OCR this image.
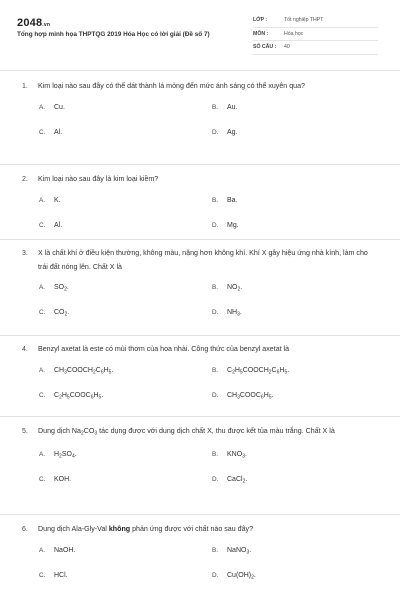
2048.vn
Tổng hợp minh họa THPTQG 2019 Hóa Học có lời giải (Đề số 7)
LỚP :	Tốt nghiệp THPT
MÔN :	Hóa học
SỐ CÂU :	40
1. Kim loại nào sau đây có thể dát thành lá mỏng đến mức ánh sáng có thể xuyên qua?
A. Cu.	B. Au.
C. Al.	D. Ag.
2. Kim loại nào sau đây là kim loại kiềm?
A. K.	B. Ba.
C. Al.	D. Mg.
3. X là chất khí ở điều kiện thường, không màu, nặng hơn không khí. Khí X gây hiệu ứng nhà kính, làm cho trái đất nóng lên. Chất X là
A. $SO_2$.	B. $NO_2$.
C. $CO_2$.	D. $NH_3$.
4. Benzyl axetat là este có mùi thơm của hoa nhài. Công thức của benzyl axetat là
A. $CH_3COOCH_2C_6H_5$.	B. $C_2H_5COOCH_2C_6H_5$.
C. $C_2H_5COOC_6H_5$.	D. $CH_3COOC_6H_5$.
5. Dung dịch $Na_2CO_3$ tác dụng được với dung dịch chất X, thu được kết tủa màu trắng. Chất X là
A. $H_2SO_4$.	B. $KNO_3$.
C. KOH.	D. CaCl$_2$.
6. Dung dịch Ala-Gly-Val không phản ứng được với chất nào sau đây?
A. NaOH.	B. NaNO$_3$.
C. HCl.	D. $Cu(OH)_2$.
